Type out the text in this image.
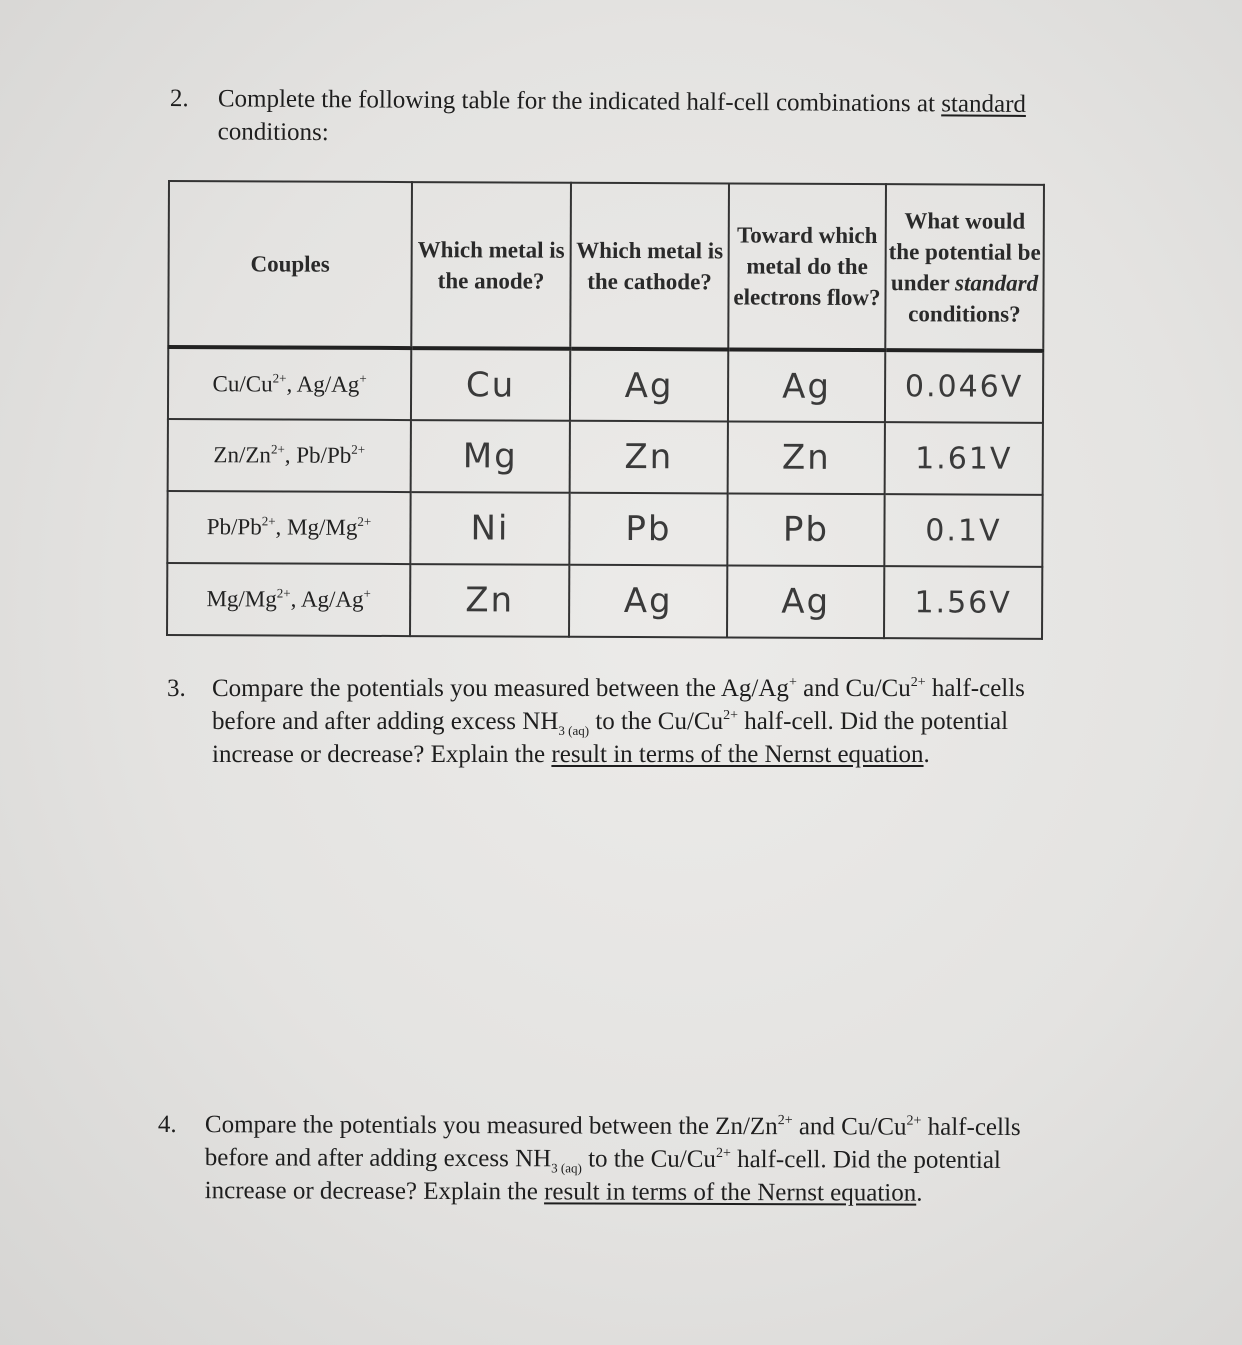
2. Complete the following table for the indicated half-cell combinations at standard
conditions:
Couples	Which metal is the anode?	Which metal is the cathode?	Toward which metal do the electrons flow?	What would the potential be under standard conditions?
$Cu/Cu^{2+}$, Ag/Ag+	Cu	Ag	Ag	0.046V
$Zn/Zn^{2+}$, $Pb/Pb^{2+}$	Mg	Zn	Zn	1.61V
$Pb/Pb^{2+}$, $Mg/Mg^{2+}$	Ni	Pb	Pb	0.1V
$Mg/Mg^{2+}$, Ag/Ag+	Zn	Ag	Ag	1.56V
3. Compare the potentials you measured between the Ag/Ag+ and $Cu/Cu^{2+}$ half-cells before and after adding excess $NH_{3 (aq)}$ to the $Cu/Cu^{2+}$ half-cell. Did the potential increase or decrease? Explain the result in terms of the Nernst equation.
4. Compare the potentials you measured between the $Zn/Zn^{2+}$ and $Cu/Cu^{2+}$ half-cells before and after adding excess $NH_{3 (aq)}$ to the $Cu/Cu^{2+}$ half-cell. Did the potential increase or decrease? Explain the result in terms of the Nernst equation.
